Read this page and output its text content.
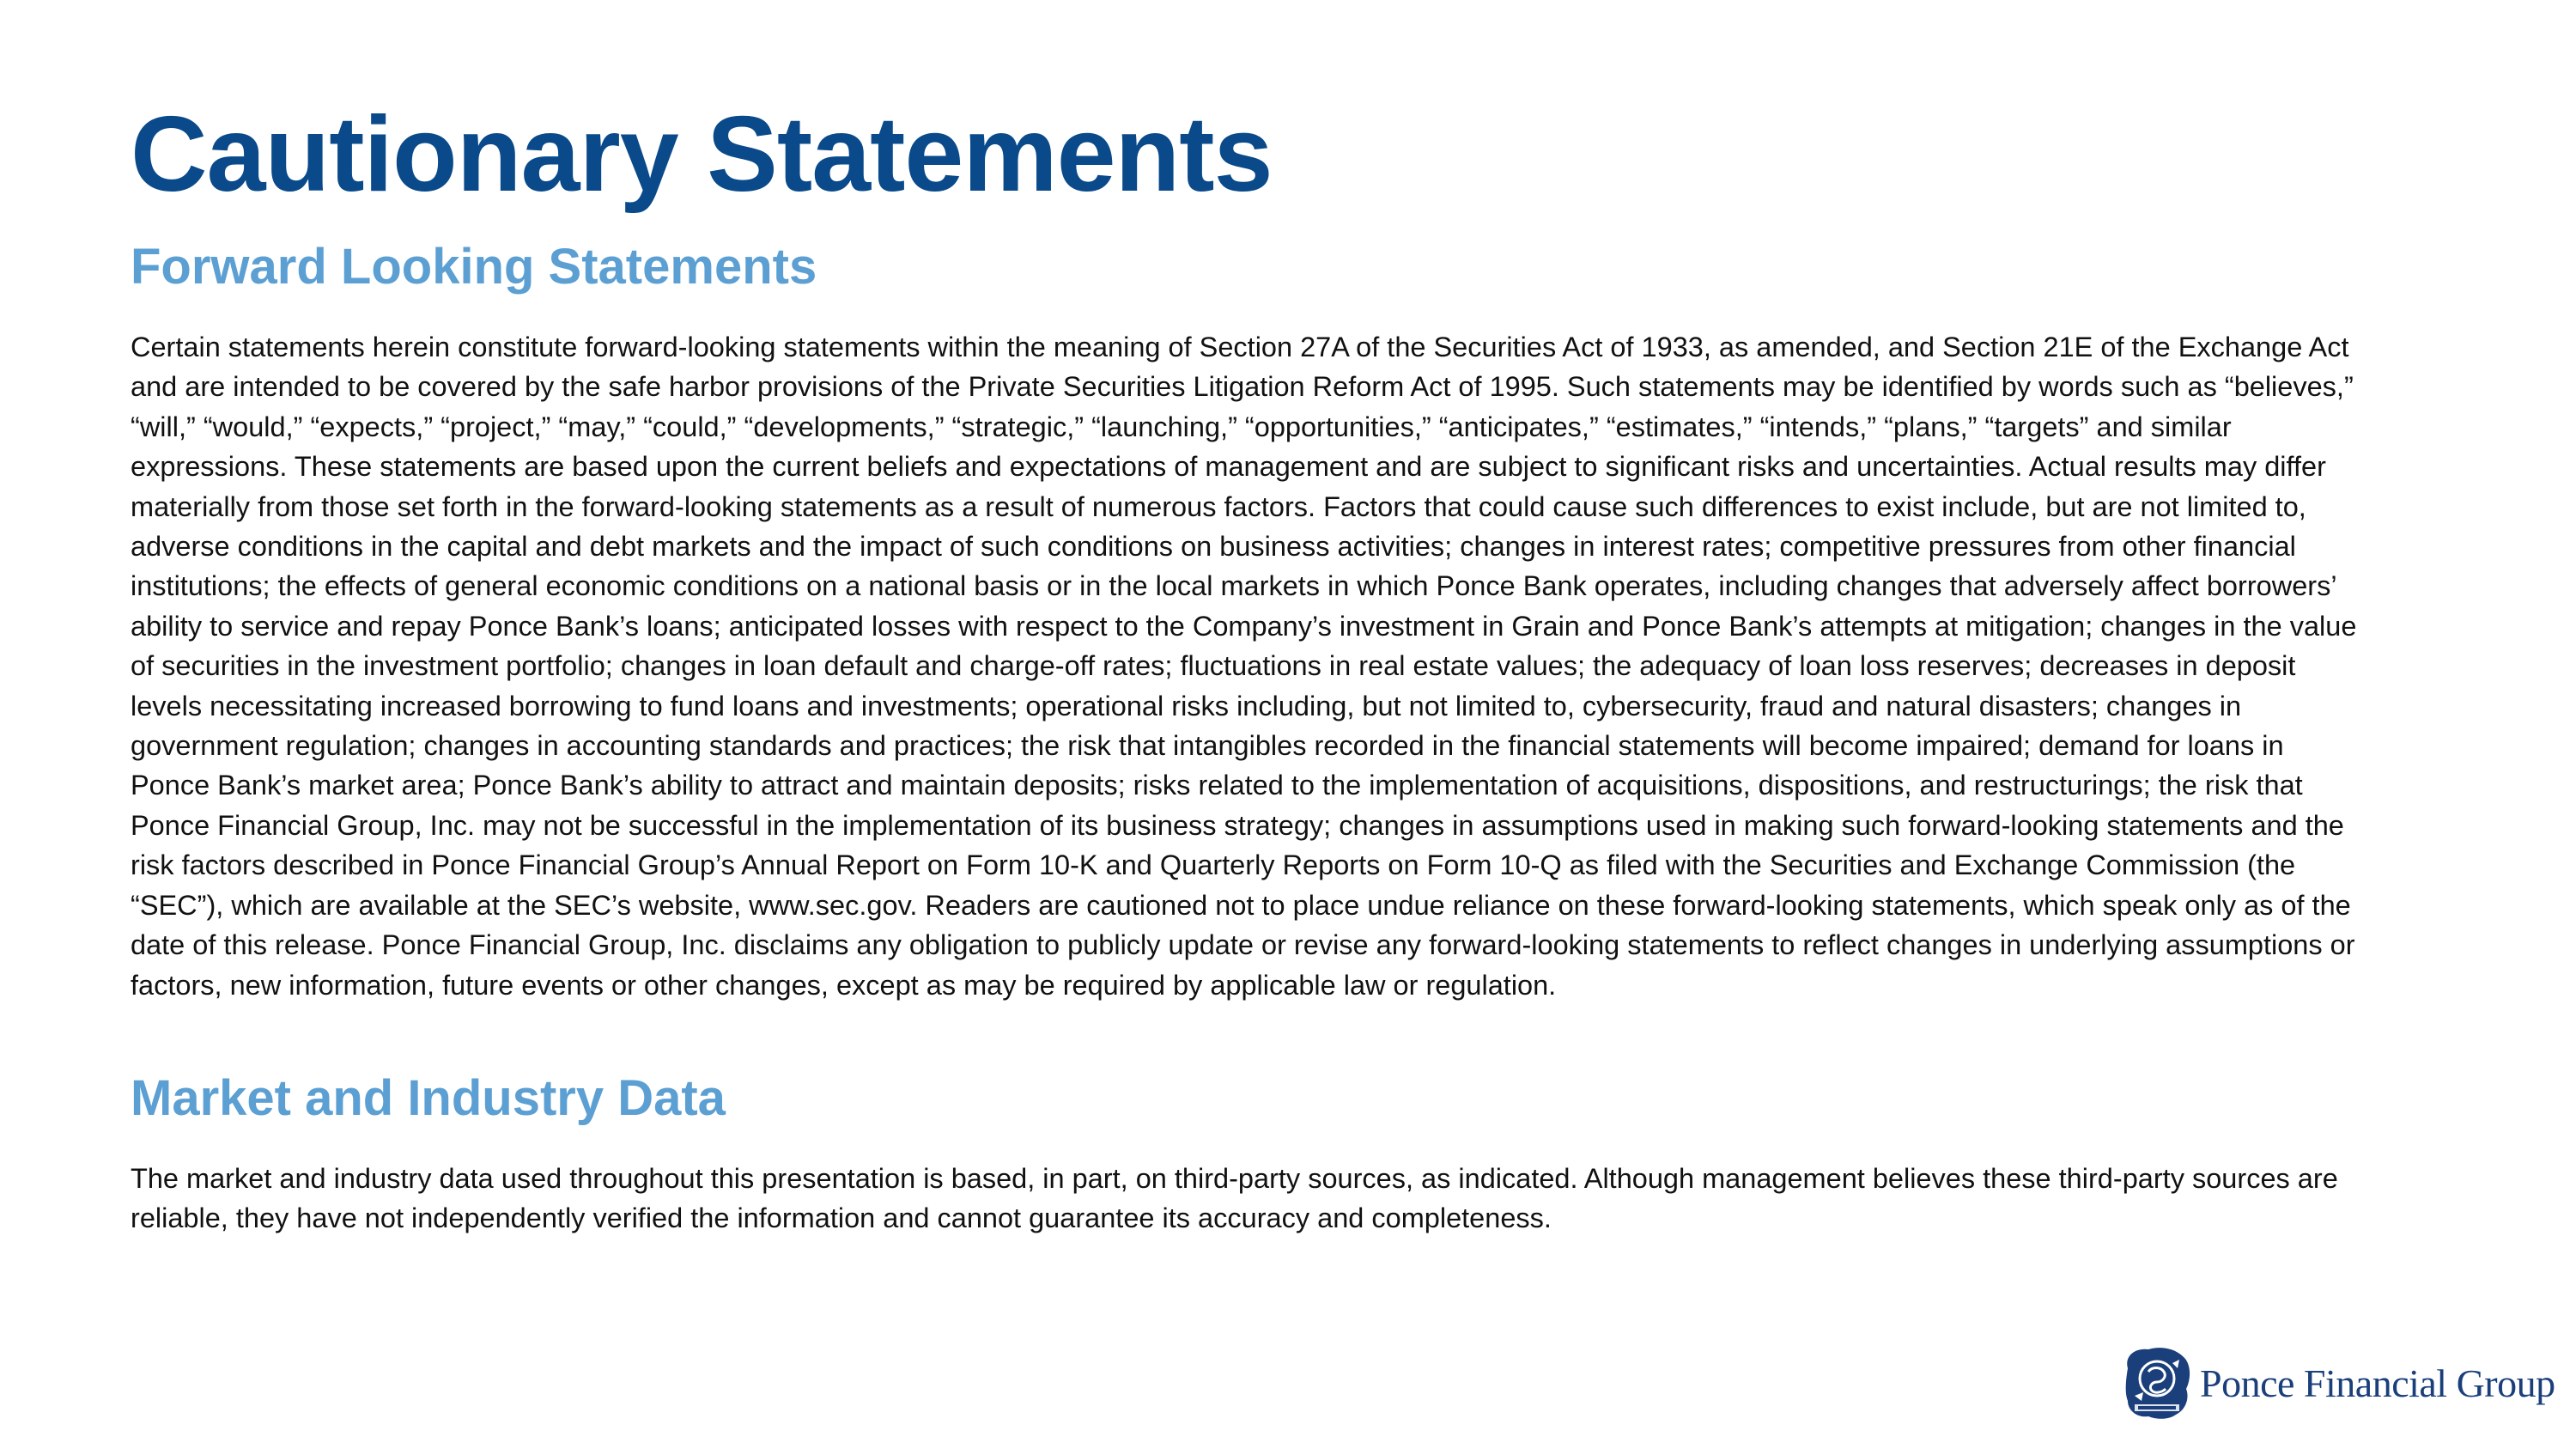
Cautionary Statements
Forward Looking Statements

Certain statements herein constitute forward-looking statements within the meaning of Section 27A of the Securities Act of 1933, as amended, and Section 21E of the Exchange Act and are intended to be covered by the safe harbor provisions of the Private Securities Litigation Reform Act of 1995. Such statements may be identified by words such as “believes,” “will,” “would,” “expects,” “project,” “may,” “could,” “developments,” “strategic,” “launching,” “opportunities,” “anticipates,” “estimates,” “intends,” “plans,” “targets” and similar expressions. These statements are based upon the current beliefs and expectations of management and are subject to significant risks and uncertainties. Actual results may differ materially from those set forth in the forward-looking statements as a result of numerous factors. Factors that could cause such differences to exist include, but are not limited to, adverse conditions in the capital and debt markets and the impact of such conditions on business activities; changes in interest rates; competitive pressures from other financial institutions; the effects of general economic conditions on a national basis or in the local markets in which Ponce Bank operates, including changes that adversely affect borrowers’ ability to service and repay Ponce Bank’s loans; anticipated losses with respect to the Company’s investment in Grain and Ponce Bank’s attempts at mitigation; changes in the value of securities in the investment portfolio; changes in loan default and charge-off rates; fluctuations in real estate values; the adequacy of loan loss reserves; decreases in deposit levels necessitating increased borrowing to fund loans and investments; operational risks including, but not limited to, cybersecurity, fraud and natural disasters; changes in government regulation; changes in accounting standards and practices; the risk that intangibles recorded in the financial statements will become impaired; demand for loans in Ponce Bank’s market area; Ponce Bank’s ability to attract and maintain deposits; risks related to the implementation of acquisitions, dispositions, and restructurings; the risk that Ponce Financial Group, Inc. may not be successful in the implementation of its business strategy; changes in assumptions used in making such forward-looking statements and the risk factors described in Ponce Financial Group’s Annual Report on Form 10-K and Quarterly Reports on Form 10-Q as filed with the Securities and Exchange Commission (the “SEC”), which are available at the SEC’s website, www.sec.gov. Readers are cautioned not to place undue reliance on these forward-looking statements, which speak only as of the date of this release. Ponce Financial Group, Inc. disclaims any obligation to publicly update or revise any forward-looking statements to reflect changes in underlying assumptions or factors, new information, future events or other changes, except as may be required by applicable law or regulation.

Market and Industry Data

The market and industry data used throughout this presentation is based, in part, on third-party sources, as indicated. Although management believes these third-party sources are reliable, they have not independently verified the information and cannot guarantee its accuracy and completeness.

Ponce Financial Group
